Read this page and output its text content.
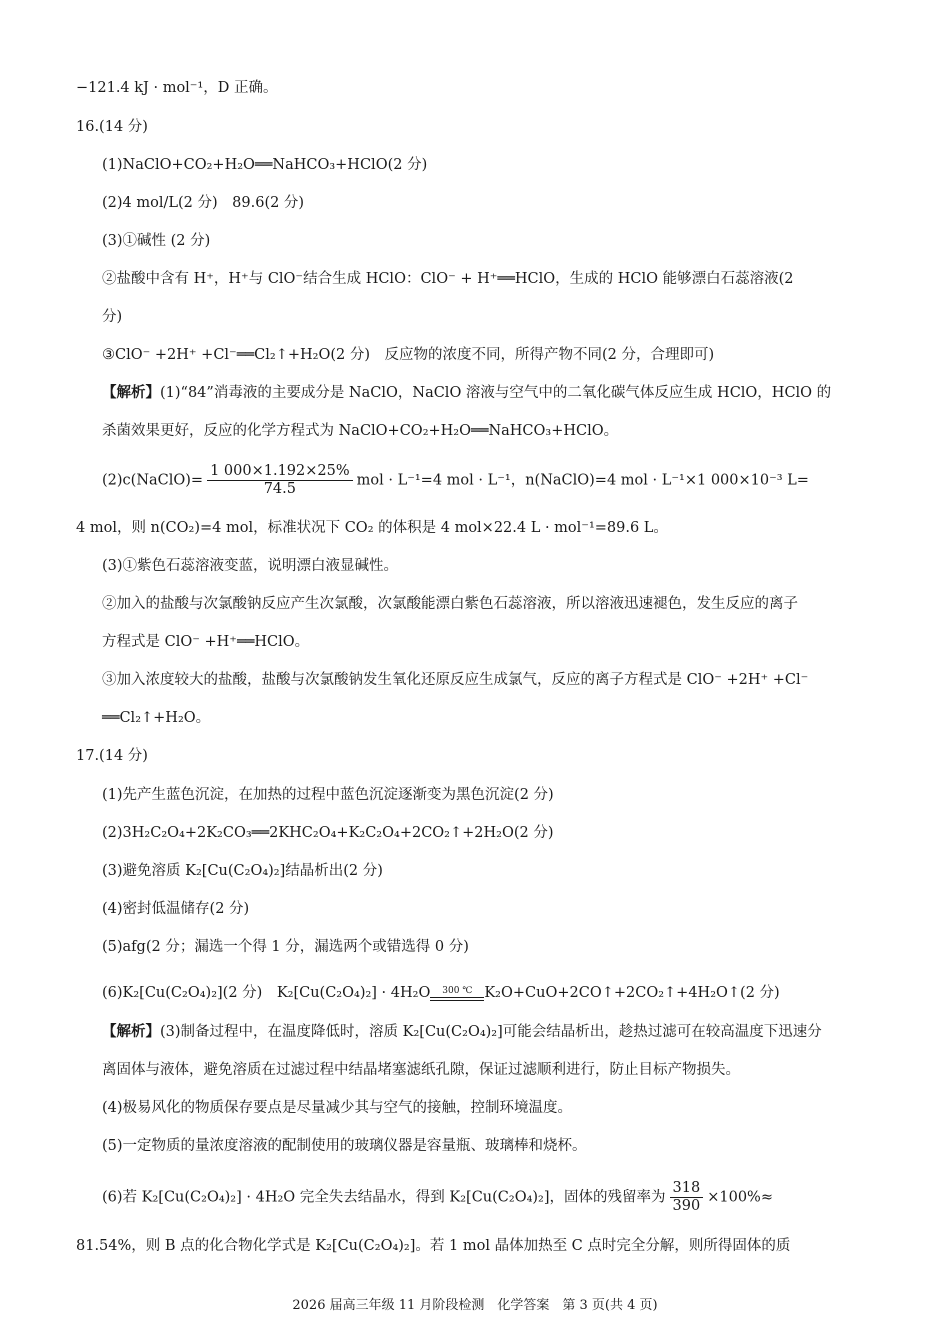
−121.4 kJ · mol⁻¹，D 正确。
16.(14 分)
(1)NaClO+CO₂+H₂O══NaHCO₃+HClO(2 分)
(2)4 mol/L(2 分)　89.6(2 分)
(3)①碱性 (2 分)
②盐酸中含有 H⁺，H⁺与 ClO⁻结合生成 HClO：ClO⁻ + H⁺══HClO，生成的 HClO 能够漂白石蕊溶液(2
分)
③ClO⁻ +2H⁺ +Cl⁻══Cl₂↑+H₂O(2 分)　反应物的浓度不同，所得产物不同(2 分，合理即可)
【解析】(1)“84”消毒液的主要成分是 NaClO，NaClO 溶液与空气中的二氧化碳气体反应生成 HClO，HClO 的
杀菌效果更好，反应的化学方程式为 NaClO+CO₂+H₂O══NaHCO₃+HClO。
(2)c(NaClO)= $\frac{1 000\times 1.192\times 25\%}{74.5}$ mol · L⁻¹=4 mol · L⁻¹，n(NaClO)=4 mol · L⁻¹×1 000×10⁻³ L=
4 mol，则 n(CO₂)=4 mol，标准状况下 CO₂ 的体积是 4 mol×22.4 L · mol⁻¹=89.6 L。
(3)①紫色石蕊溶液变蓝，说明漂白液显碱性。
②加入的盐酸与次氯酸钠反应产生次氯酸，次氯酸能漂白紫色石蕊溶液，所以溶液迅速褪色，发生反应的离子
方程式是 ClO⁻ +H⁺══HClO。
③加入浓度较大的盐酸，盐酸与次氯酸钠发生氧化还原反应生成氯气，反应的离子方程式是 ClO⁻ +2H⁺ +Cl⁻
══Cl₂↑+H₂O。
17.(14 分)
(1)先产生蓝色沉淀，在加热的过程中蓝色沉淀逐渐变为黑色沉淀(2 分)
(2)3H₂C₂O₄+2K₂CO₃══2KHC₂O₄+K₂C₂O₄+2CO₂↑+2H₂O(2 分)
(3)避免溶质 K₂[Cu(C₂O₄)₂]结晶析出(2 分)
(4)密封低温储存(2 分)
(5)afg(2 分；漏选一个得 1 分，漏选两个或错选得 0 分)
(6)K₂[Cu(C₂O₄)₂](2 分)　K₂[Cu(C₂O₄)₂] · 4H₂O	300 ℃ K₂O+CuO+2CO↑+2CO₂↑+4H₂O↑(2 分)
【解析】(3)制备过程中，在温度降低时，溶质 K₂[Cu(C₂O₄)₂]可能会结晶析出，趁热过滤可在较高温度下迅速分
离固体与液体，避免溶质在过滤过程中结晶堵塞滤纸孔隙，保证过滤顺利进行，防止目标产物损失。
(4)极易风化的物质保存要点是尽量减少其与空气的接触，控制环境温度。
(5)一定物质的量浓度溶液的配制使用的玻璃仪器是容量瓶、玻璃棒和烧杯。
(6)若 K₂[Cu(C₂O₄)₂] · 4H₂O 完全失去结晶水，得到 K₂[Cu(C₂O₄)₂]，固体的残留率为 $\frac{318}{390} \times 100\%\approx$
81.54%，则 B 点的化合物化学式是 K₂[Cu(C₂O₄)₂]。若 1 mol 晶体加热至 C 点时完全分解，则所得固体的质
2026 届高三年级 11 月阶段检测　化学答案　第 3 页(共 4 页)
